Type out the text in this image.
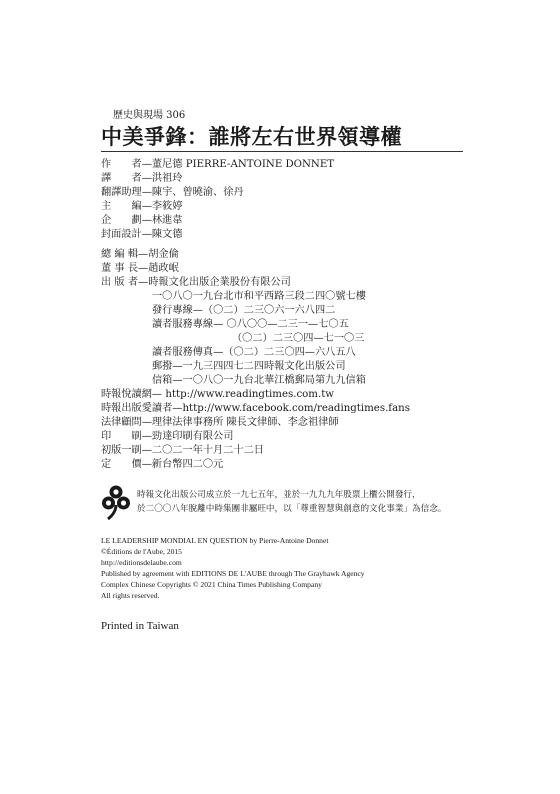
歷史與現場 306
中美爭鋒：誰將左右世界領導權
作　　者—董尼德 PIERRE-ANTOINE DONNET
譯　　者—洪祖玲
翻譯助理—陳宇、曾曉渝、徐丹
主　　編—李筱婷
企　　劃—林進韋
封面設計—陳文德
總 編 輯—胡金倫
董 事 長—趙政岷
出 版 者—時報文化出版企業股份有限公司
一〇八〇一九台北市和平西路三段二四〇號七樓
發行專線—（〇二）二三〇六一六八四二
讀者服務專線— 〇八〇〇—二三一—七〇五
（〇二）二三〇四—七一〇三
讀者服務傳真—（〇二）二三〇四—六八五八
郵撥—一九三四四七二四時報文化出版公司
信箱—一〇八〇一九台北華江橋郵局第九九信箱
時報悅讀網— http://www.readingtimes.com.tw
時報出版愛讀者—http://www.facebook.com/readingtimes.fans
法律顧問—理律法律事務所 陳長文律師、李念祖律師
印　　刷—勁達印刷有限公司
初版一刷—二〇二一年十月二十二日
定　　價—新台幣四二〇元
時報文化出版公司成立於一九七五年，並於一九九九年股票上櫃公開發行，
於二〇〇八年脫離中時集團非屬旺中，以「尊重智慧與創意的文化事業」為信念。
LE LEADERSHIP MONDIAL EN QUESTION by Pierre-Antoine Donnet
©Éditions de l'Aube, 2015
http://editionsdelaube.com
Published by agreement with EDITIONS DE L'AUBE through The Grayhawk Agency
Complex Chinese Copyrights © 2021 China Times Publishing Company
All rights reserved.
Printed in Taiwan
